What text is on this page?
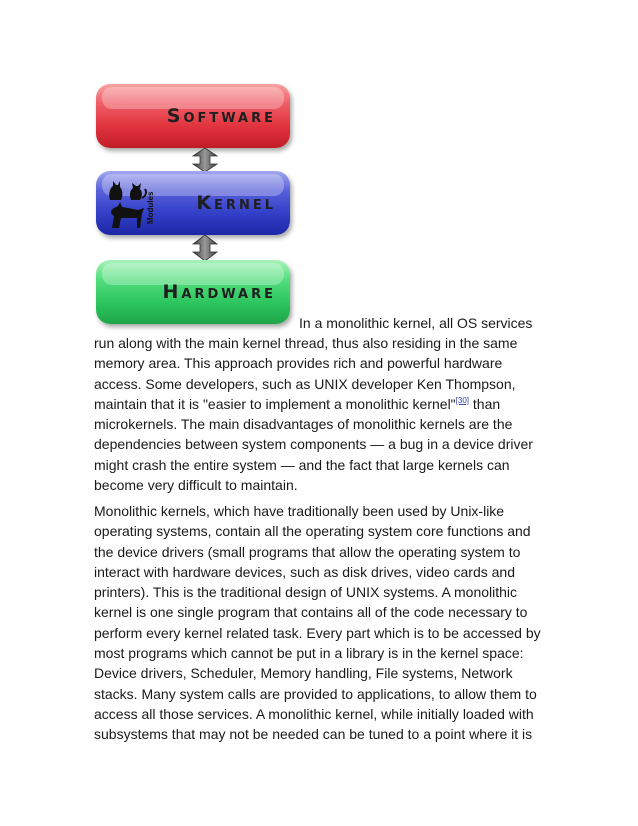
Software
Kernel
Modules
Hardware
In a monolithic kernel, all OS services
run along with the main kernel thread, thus also residing in the same
memory area. This approach provides rich and powerful hardware
access. Some developers, such as UNIX developer Ken Thompson,
maintain that it is "easier to implement a monolithic kernel"[30] than
microkernels. The main disadvantages of monolithic kernels are the
dependencies between system components — a bug in a device driver
might crash the entire system — and the fact that large kernels can
become very difficult to maintain.
Monolithic kernels, which have traditionally been used by Unix-like
operating systems, contain all the operating system core functions and
the device drivers (small programs that allow the operating system to
interact with hardware devices, such as disk drives, video cards and
printers). This is the traditional design of UNIX systems. A monolithic
kernel is one single program that contains all of the code necessary to
perform every kernel related task. Every part which is to be accessed by
most programs which cannot be put in a library is in the kernel space:
Device drivers, Scheduler, Memory handling, File systems, Network
stacks. Many system calls are provided to applications, to allow them to
access all those services. A monolithic kernel, while initially loaded with
subsystems that may not be needed can be tuned to a point where it is
